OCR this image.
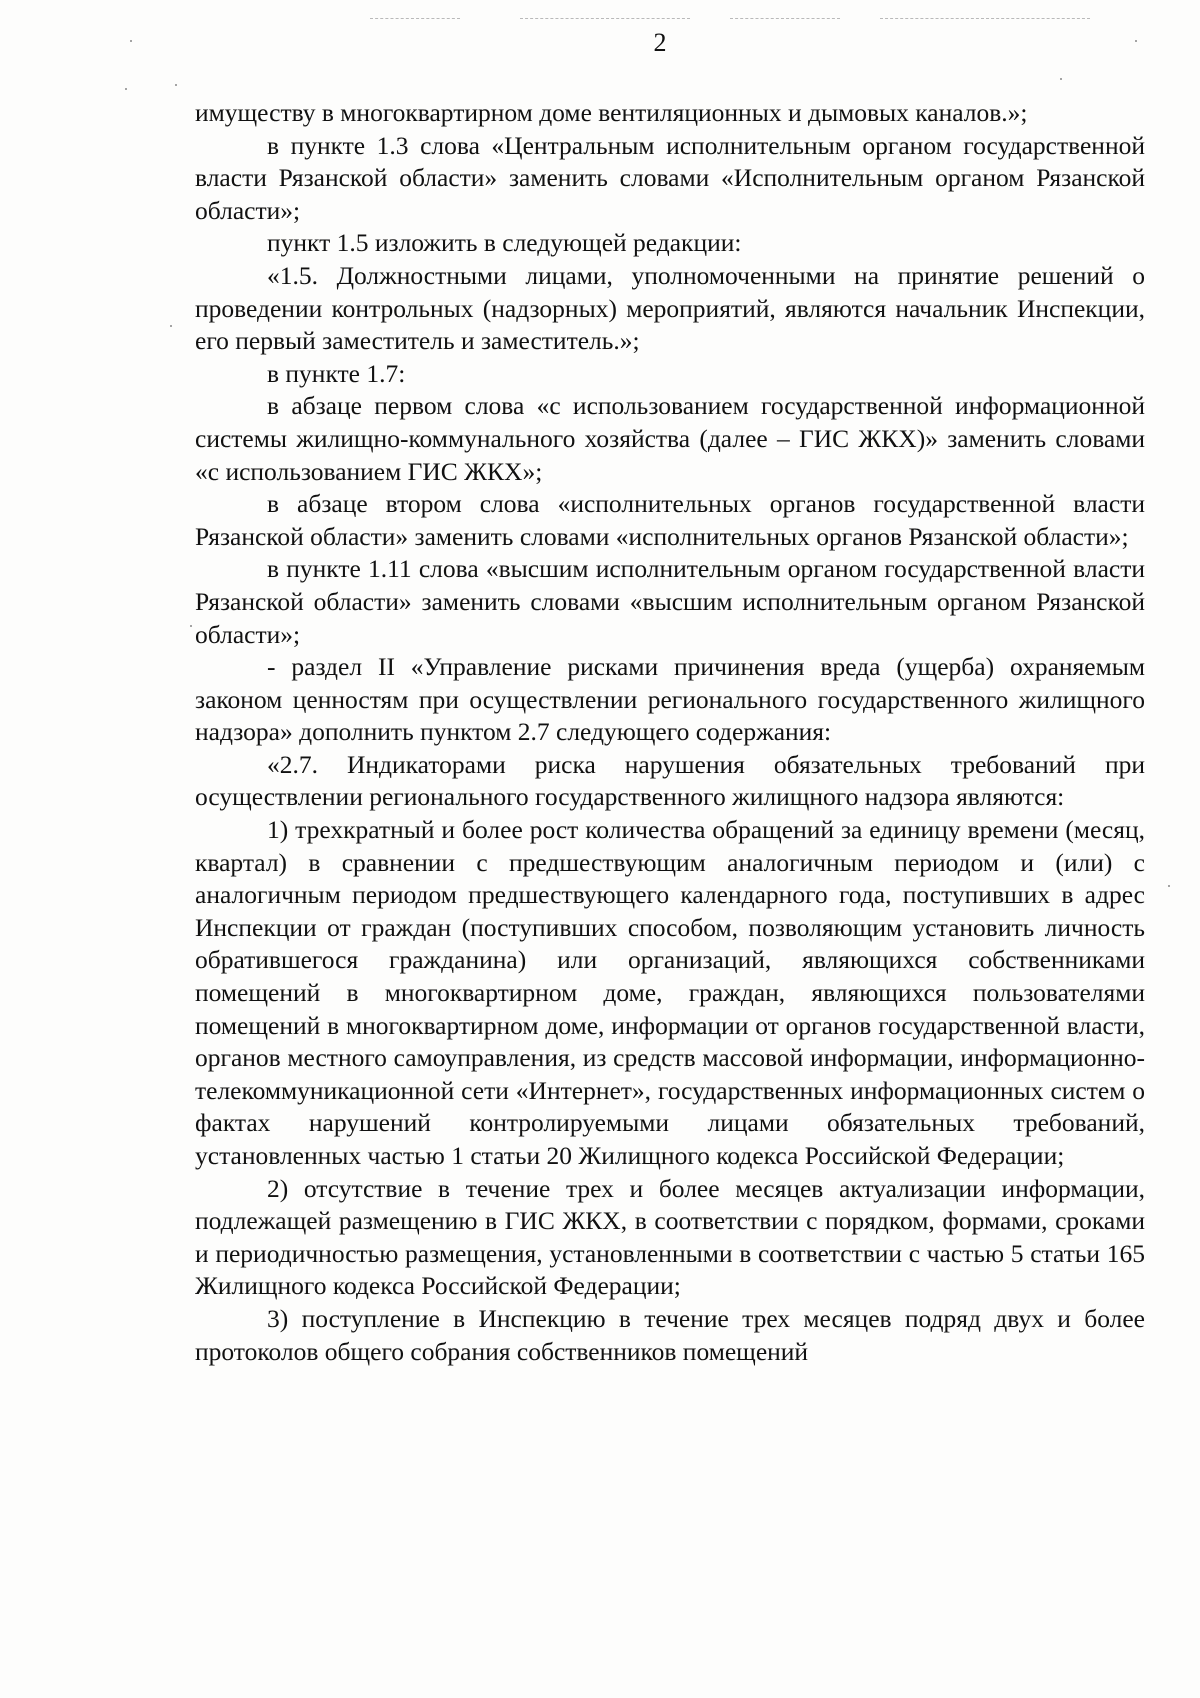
2

имуществу в многоквартирном доме вентиляционных и дымовых каналов.»;

в пункте 1.3 слова «Центральным исполнительным органом государственной власти Рязанской области» заменить словами «Исполнительным органом Рязанской области»;

пункт 1.5 изложить в следующей редакции:

«1.5. Должностными лицами, уполномоченными на принятие решений о проведении контрольных (надзорных) мероприятий, являются начальник Инспекции, его первый заместитель и заместитель.»;

в пункте 1.7:

в абзаце первом слова «с использованием государственной информационной системы жилищно-коммунального хозяйства (далее – ГИС ЖКХ)» заменить словами «с использованием ГИС ЖКХ»;

в абзаце втором слова «исполнительных органов государственной власти Рязанской области» заменить словами «исполнительных органов Рязанской области»;

в пункте 1.11 слова «высшим исполнительным органом государственной власти Рязанской области» заменить словами «высшим исполнительным органом Рязанской области»;

- раздел II «Управление рисками причинения вреда (ущерба) охраняемым законом ценностям при осуществлении регионального государственного жилищного надзора» дополнить пунктом 2.7 следующего содержания:

«2.7. Индикаторами риска нарушения обязательных требований при осуществлении регионального государственного жилищного надзора являются:

1) трехкратный и более рост количества обращений за единицу времени (месяц, квартал) в сравнении с предшествующим аналогичным периодом и (или) с аналогичным периодом предшествующего календарного года, поступивших в адрес Инспекции от граждан (поступивших способом, позволяющим установить личность обратившегося гражданина) или организаций, являющихся собственниками помещений в многоквартирном доме, граждан, являющихся пользователями помещений в многоквартирном доме, информации от органов государственной власти, органов местного самоуправления, из средств массовой информации, информационно-телекоммуникационной сети «Интернет», государственных информационных систем о фактах нарушений контролируемыми лицами обязательных требований, установленных частью 1 статьи 20 Жилищного кодекса Российской Федерации;

2) отсутствие в течение трех и более месяцев актуализации информации, подлежащей размещению в ГИС ЖКХ, в соответствии с порядком, формами, сроками и периодичностью размещения, установленными в соответствии с частью 5 статьи 165 Жилищного кодекса Российской Федерации;

3) поступление в Инспекцию в течение трех месяцев подряд двух и более протоколов общего собрания собственников помещений
